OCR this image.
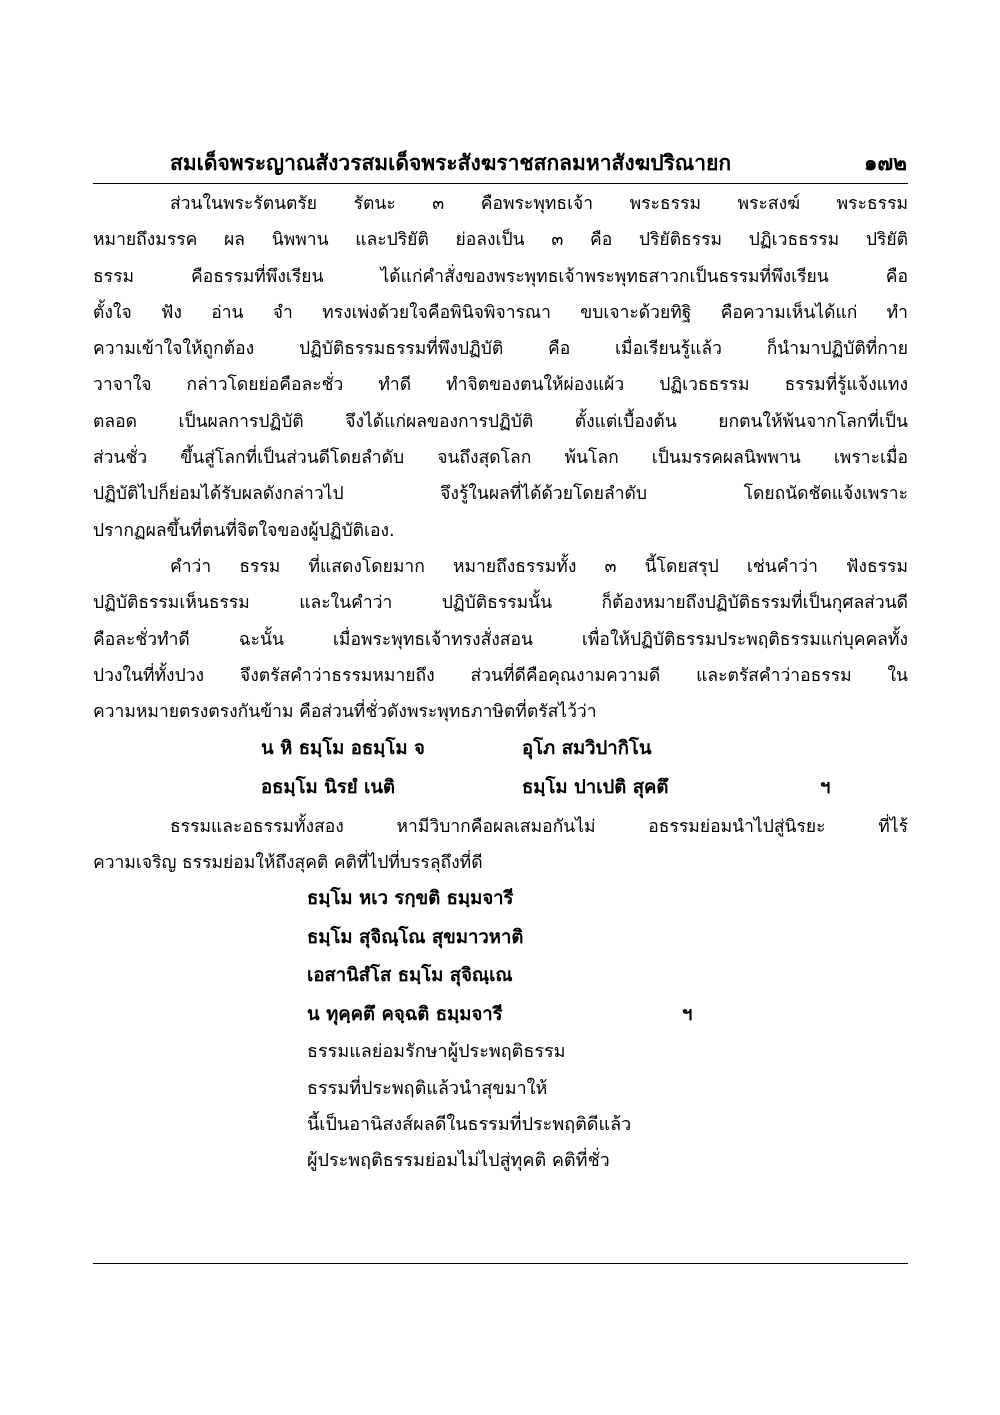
สมเด็จพระญาณสังวรสมเด็จพระสังฆราชสกลมหาสังฆปริณายก	๑๗๒
ส่วนในพระรัตนตรัย รัตนะ ๓ คือพระพุทธเจ้า พระธรรม พระสงฆ์ พระธรรม
หมายถึงมรรค ผล นิพพาน และปริยัติ ย่อลงเป็น ๓ คือ ปริยัติธรรม ปฏิเวธธรรม ปริยัติ
ธรรม คือธรรมที่พึงเรียน ได้แก่คำสั่งของพระพุทธเจ้าพระพุทธสาวกเป็นธรรมที่พึงเรียน คือ
ตั้งใจ ฟัง อ่าน จำ ทรงเพ่งด้วยใจคือพินิจพิจารณา ขบเจาะด้วยทิฐิ คือความเห็นได้แก่ ทำ
ความเข้าใจให้ถูกต้อง ปฏิบัติธรรมธรรมที่พึงปฏิบัติ คือ เมื่อเรียนรู้แล้ว ก็นำมาปฏิบัติที่กาย
วาจาใจ กล่าวโดยย่อคือละชั่ว ทำดี ทำจิตของตนให้ผ่องแผ้ว ปฏิเวธธรรม ธรรมที่รู้แจ้งแทง
ตลอด เป็นผลการปฏิบัติ จึงได้แก่ผลของการปฏิบัติ ตั้งแต่เบื้องต้น ยกตนให้พ้นจากโลกที่เป็น
ส่วนชั่ว ขึ้นสู่โลกที่เป็นส่วนดีโดยลำดับ จนถึงสุดโลก พ้นโลก เป็นมรรคผลนิพพาน เพราะเมื่อ
ปฏิบัติไปก็ย่อมได้รับผลดังกล่าวไป จึงรู้ในผลที่ได้ด้วยโดยลำดับ โดยถนัดชัดแจ้งเพราะ
ปรากฏผลขึ้นที่ตนที่จิตใจของผู้ปฏิบัติเอง.
คำว่า ธรรม ที่แสดงโดยมาก หมายถึงธรรมทั้ง ๓ นี้โดยสรุป เช่นคำว่า ฟังธรรม
ปฏิบัติธรรมเห็นธรรม และในคำว่า ปฏิบัติธรรมนั้น ก็ต้องหมายถึงปฏิบัติธรรมที่เป็นกุศลส่วนดี
คือละชั่วทำดี ฉะนั้น เมื่อพระพุทธเจ้าทรงสั่งสอน เพื่อให้ปฏิบัติธรรมประพฤติธรรมแก่บุคคลทั้ง
ปวงในที่ทั้งปวง จึงตรัสคำว่าธรรมหมายถึง ส่วนที่ดีคือคุณงามความดี และตรัสคำว่าอธรรม ใน
ความหมายตรงตรงกันข้าม คือส่วนที่ชั่วดังพระพุทธภาษิตที่ตรัสไว้ว่า
น หิ ธมฺโม อธมฺโม จ	อุโภ สมวิปากิโน
อธมฺโม นิรยํ เนติ	ธมฺโม ปาเปติ สุคตึ	ฯ
ธรรมและอธรรมทั้งสอง หามีวิบากคือผลเสมอกันไม่ อธรรมย่อมนำไปสู่นิรยะ ที่ไร้
ความเจริญ ธรรมย่อมให้ถึงสุคติ คติที่ไปที่บรรลุถึงที่ดี
ธมฺโม หเว รกฺขติ ธมฺมจารี
ธมฺโม สุจิณฺโณ สุขมาวหาติ
เอสานิสํโส ธมฺโม สุจิณฺเณ
น ทุคฺคตึ คจฺฉติ ธมฺมจารี	ฯ
ธรรมแลย่อมรักษาผู้ประพฤติธรรม
ธรรมที่ประพฤติแล้วนำสุขมาให้
นี้เป็นอานิสงส์ผลดีในธรรมที่ประพฤติดีแล้ว
ผู้ประพฤติธรรมย่อมไม่ไปสู่ทุคติ คติที่ชั่ว
